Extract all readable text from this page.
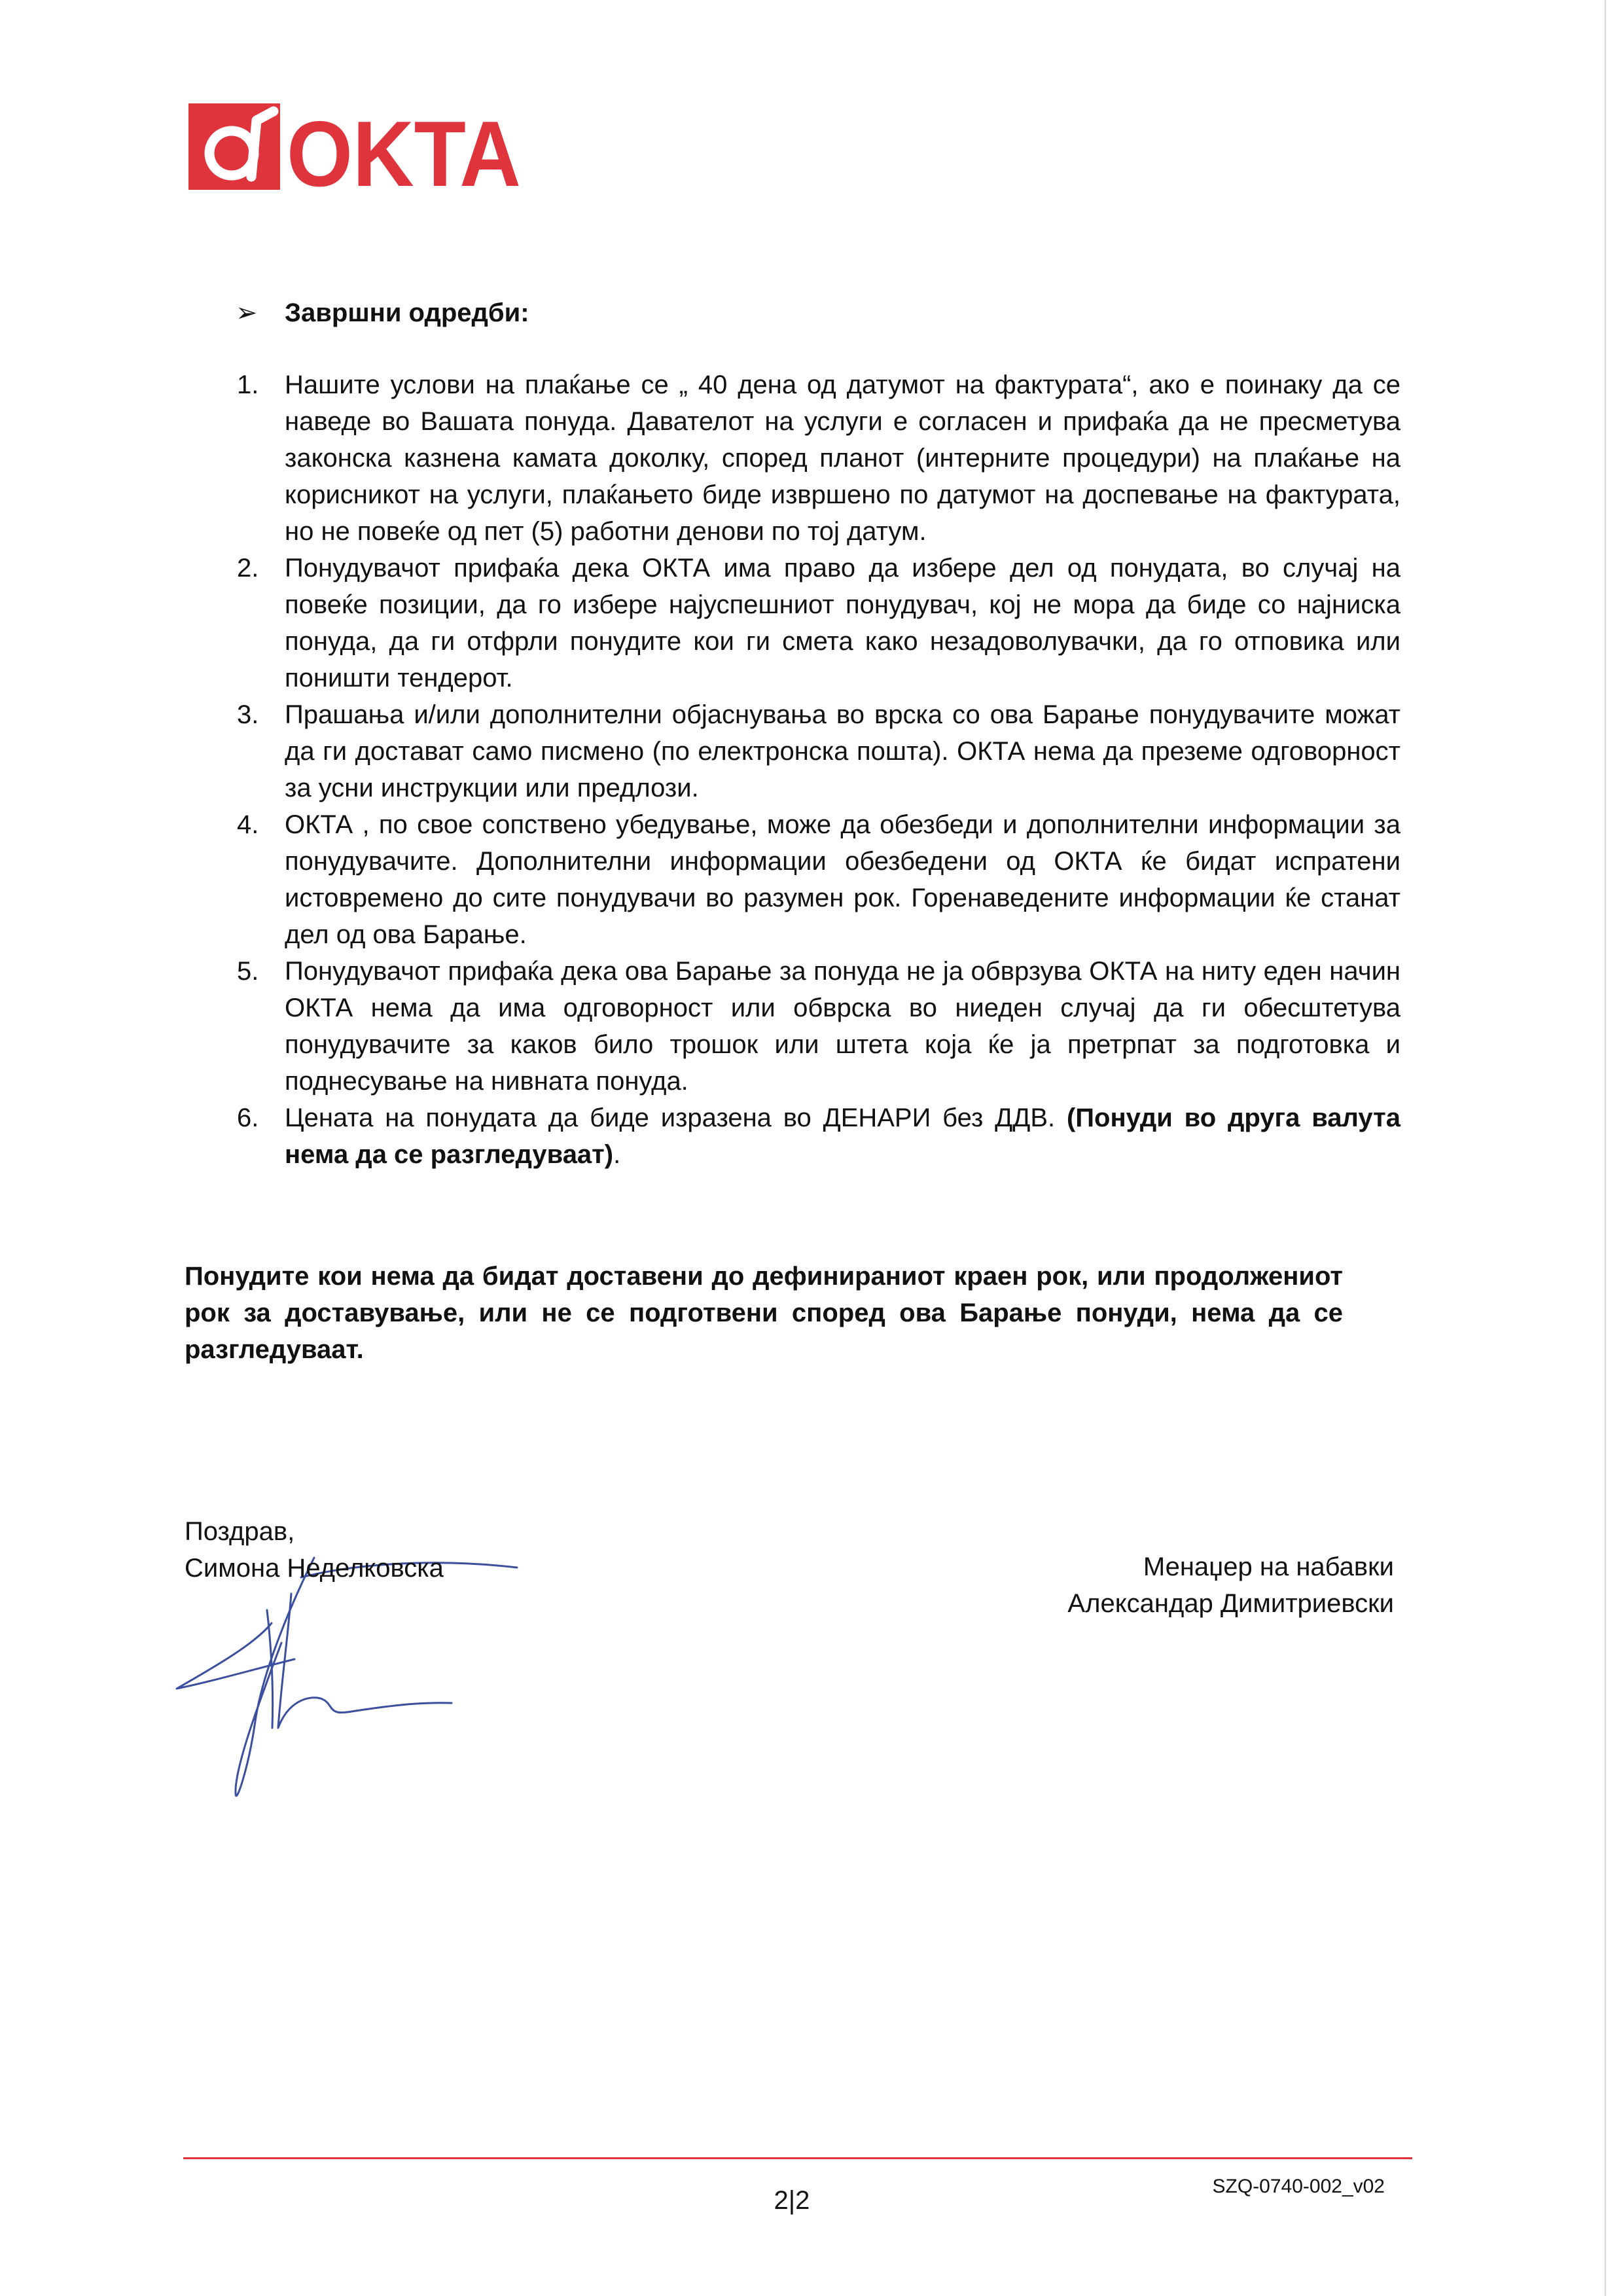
OKTA
➢ Завршни одредби:
1. Нашите услови на плаќање се „ 40 дена од датумот на фактурата“, ако е поинаку да се наведе во Вашата понуда. Давателот на услуги е согласен и прифаќа да не пресметува законска казнена камата доколку, според планот (интерните процедури) на плаќање на корисникот на услуги, плаќањето биде извршено по датумот на доспевање на фактурата, но не повеќе од пет (5) работни денови по тој датум.
2. Понудувачот прифаќа дека ОКТА има право да избере дел од понудата, во случај на повеќе позиции, да го избере најуспешниот понудувач, кој не мора да биде со најниска понуда, да ги отфрли понудите кои ги смета како незадоволувачки, да го отповика или поништи тендерот.
3. Прашања и/или дополнителни објаснувања во врска со ова Барање понудувачите можат да ги достават само писмено (по електронска пошта). ОКТА нема да преземе одговорност за усни инструкции или предлози.
4. ОКТА , по свое сопствено убедување, може да обезбеди и дополнителни информации за понудувачите. Дополнителни информации обезбедени од ОКТА ќе бидат испратени истовремено до сите понудувачи во разумен рок. Горенаведените информации ќе станат дел од ова Барање.
5. Понудувачот прифаќа дека ова Барање за понуда не ја обврзува ОКТА на ниту еден начин ОКТА нема да има одговорност или обврска во ниеден случај да ги обесштетува понудувачите за каков било трошок или штета која ќе ја претрпат за подготовка и поднесување на нивната понуда.
6. Цената на понудата да биде изразена во ДЕНАРИ без ДДВ. (Понуди во друга валута нема да се разгледуваат).
Понудите кои нема да бидат доставени до дефинираниот краен рок, или продолжениот рок за доставување, или не се подготвени според ова Барање понуди, нема да се разгледуваат.
Поздрав,
Симона Неделковска	Менаџер на набавки
Александар Димитриевски
SZQ-0740-002_v02
2|2
